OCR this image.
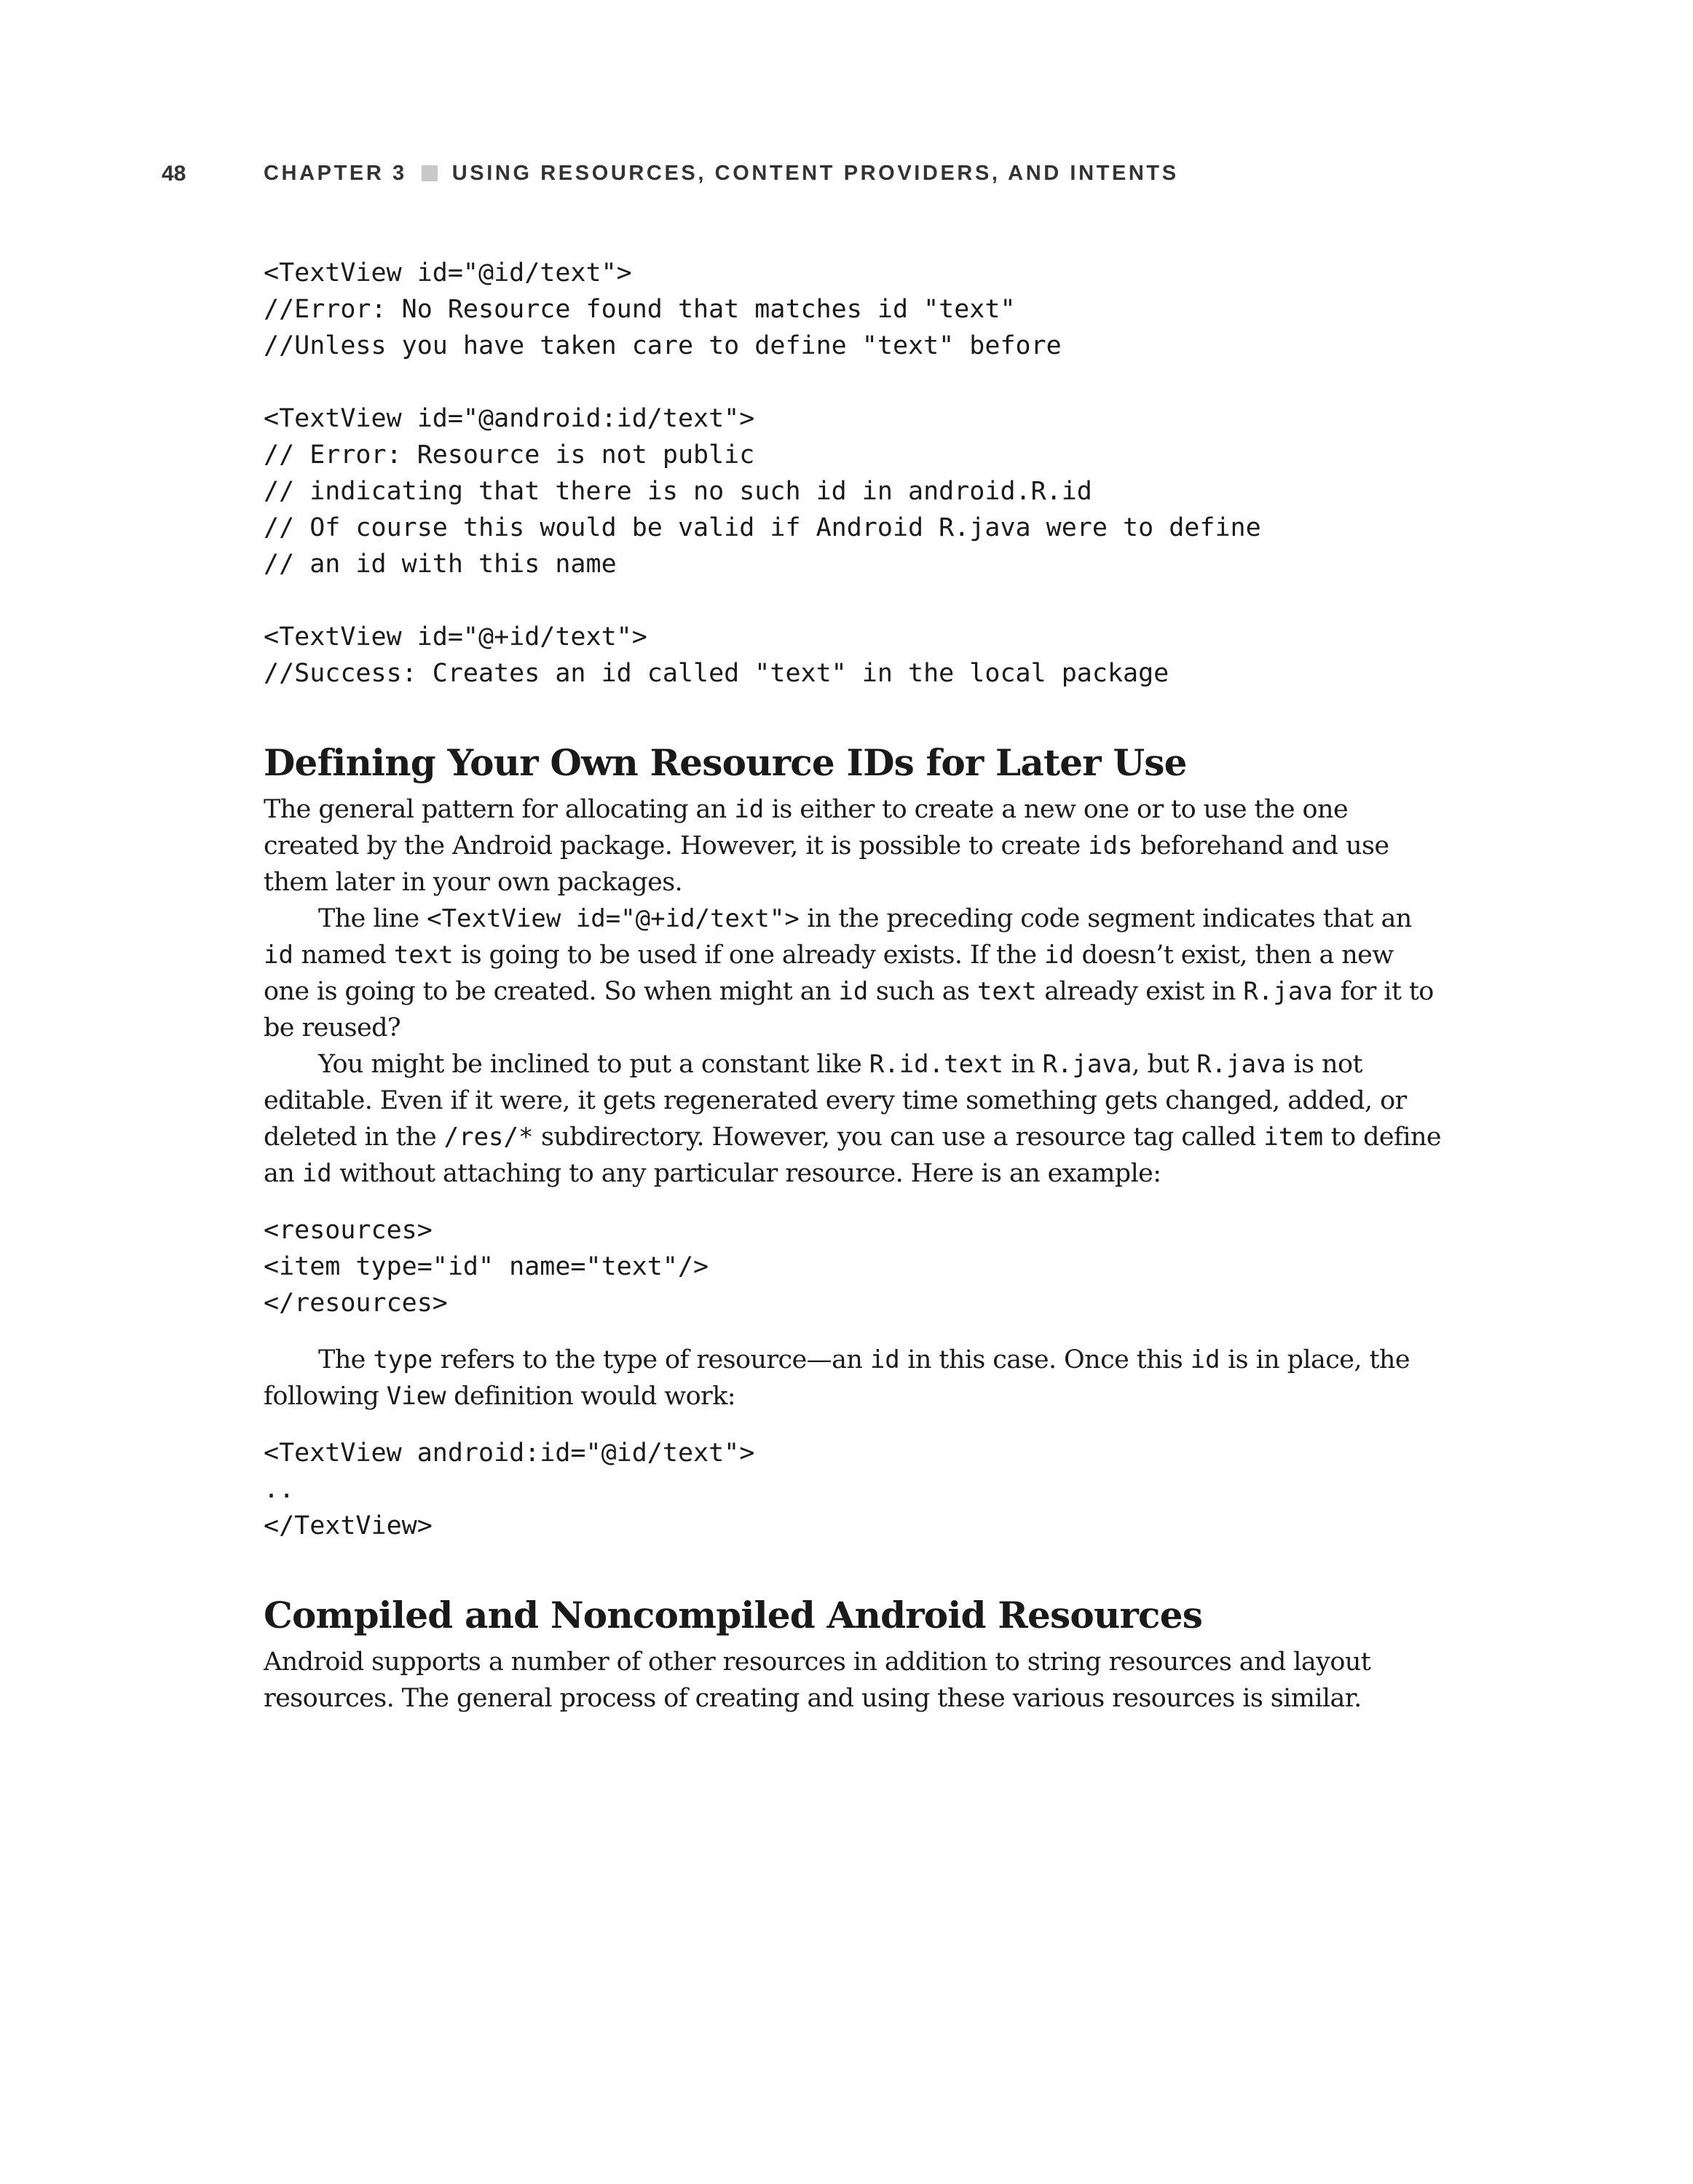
48	CHAPTER 3 USING RESOURCES, CONTENT PROVIDERS, AND INTENTS
<TextView id="@id/text">
//Error: No Resource found that matches id "text"
//Unless you have taken care to define "text" before
<TextView id="@android:id/text">
// Error: Resource is not public
// indicating that there is no such id in android.R.id
// Of course this would be valid if Android R.java were to define
// an id with this name
<TextView id="@+id/text">
//Success: Creates an id called "text" in the local package
Defining Your Own Resource IDs for Later Use

The general pattern for allocating an id is either to create a new one or to use the one created by the Android package. However, it is possible to create ids beforehand and use them later in your own packages.

The line <TextView id="@+id/text"> in the preceding code segment indicates that an id named text is going to be used if one already exists. If the id doesn’t exist, then a new one is going to be created. So when might an id such as text already exist in R.java for it to be reused?

You might be inclined to put a constant like R.id.text in R.java, but R.java is not editable. Even if it were, it gets regenerated every time something gets changed, added, or deleted in the /res/* subdirectory. However, you can use a resource tag called item to define an id without attaching to any particular resource. Here is an example:

<resources>
<item type="id" name="text"/>
</resources>

The type refers to the type of resource—an id in this case. Once this id is in place, the following View definition would work:

<TextView android:id="@id/text">
..
</TextView>
Compiled and Noncompiled Android Resources

Android supports a number of other resources in addition to string resources and layout resources. The general process of creating and using these various resources is similar.
